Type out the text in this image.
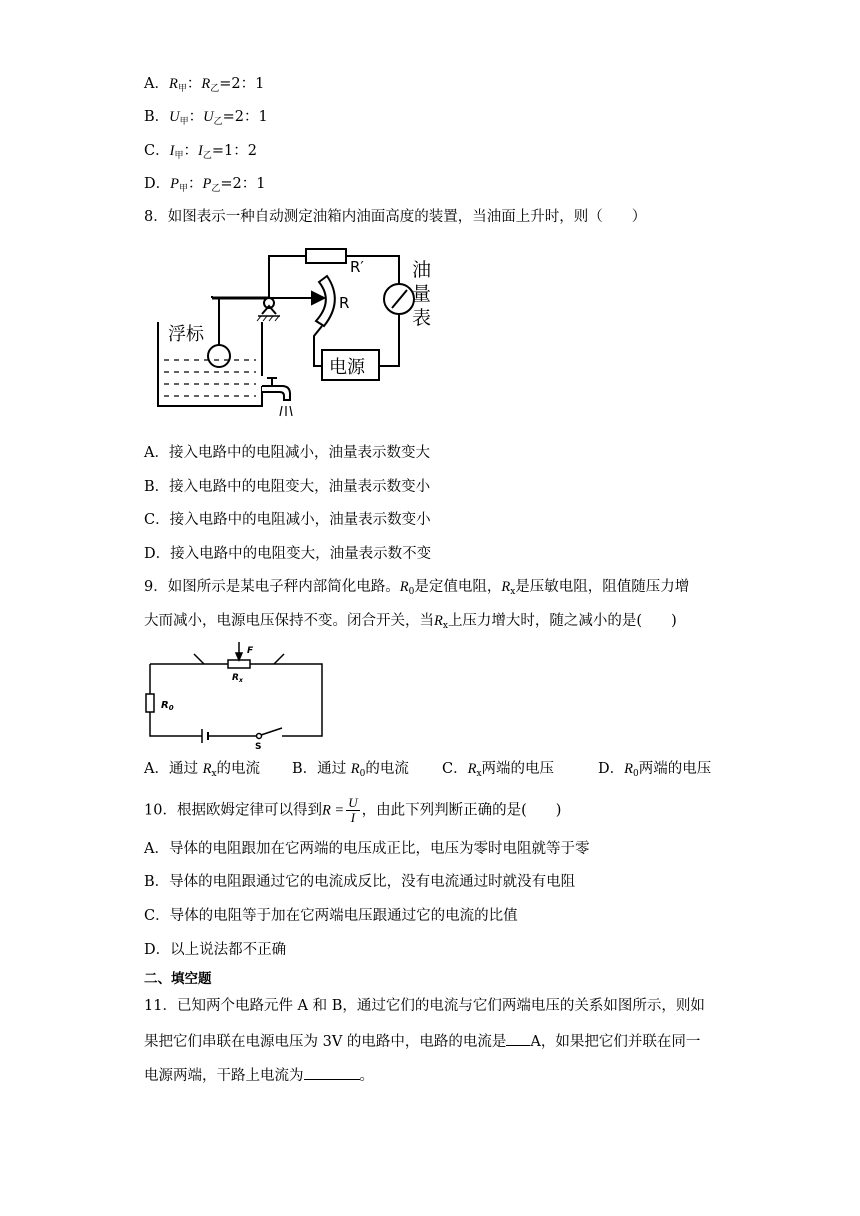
A．$R_甲$：$R_乙=2$：1
B．$U_甲$：$U_乙=2$：1
C．$I_甲$：$I_乙=1$：2
D．$P_甲$：$P_乙=2$：1
8．如图表示一种自动测定油箱内油面高度的装置，当油面上升时，则（　　）
浮标
R′
R
油
量
表
电源
A．接入电路中的电阻减小，油量表示数变大
B．接入电路中的电阻变大，油量表示数变小
C．接入电路中的电阻减小，油量表示数变小
D．接入电路中的电阻变大，油量表示数不变
9．如图所示是某电子秤内部简化电路。$R_0$是定值电阻，$R_x$是压敏电阻，阻值随压力增
大而减小，电源电压保持不变。闭合开关，当$R_x$上压力增大时，随之减小的是(　　)
F
$R_x$
$R_0$
S
A．通过 $R_x$的电流 B．通过 $R_0$的电流 C．$R_x$两端的电压	D．$R_0$两端的电压
10．根据欧姆定律可以得到$R = \frac{U}{I}$ ，由此下列判断正确的是(　　)
A．导体的电阻跟加在它两端的电压成正比，电压为零时电阻就等于零
B．导体的电阻跟通过它的电流成反比，没有电流通过时就没有电阻
C．导体的电阻等于加在它两端电压跟通过它的电流的比值
D．以上说法都不正确
二、填空题
11．已知两个电路元件 A 和 B，通过它们的电流与它们两端电压的关系如图所示，则如
果把它们串联在电源电压为 3V 的电路中，电路的电流是 A，如果把它们并联在同一
电源两端，干路上电流为	。
